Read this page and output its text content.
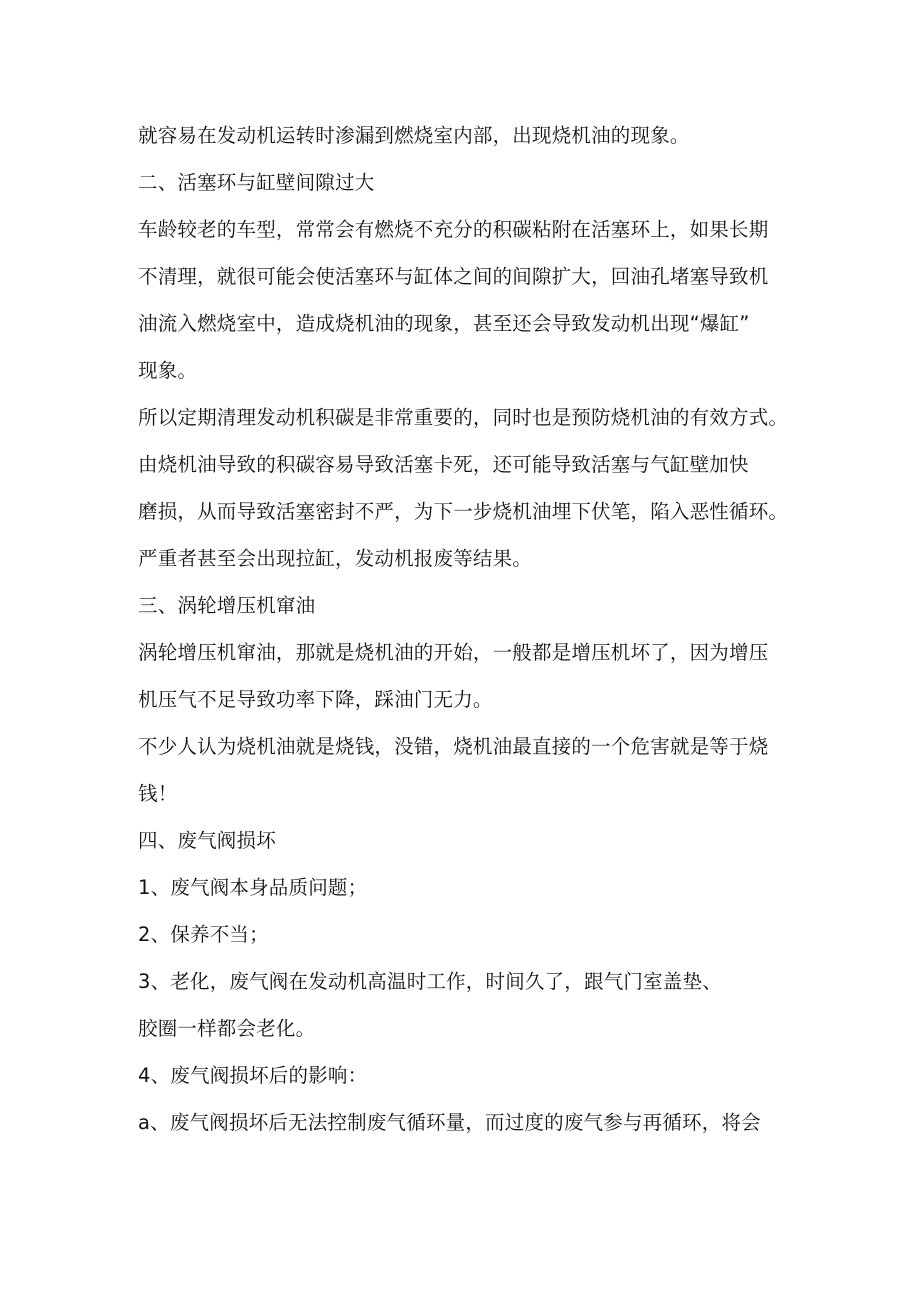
就容易在发动机运转时渗漏到燃烧室内部，出现烧机油的现象。
二、活塞环与缸壁间隙过大
车龄较老的车型，常常会有燃烧不充分的积碳粘附在活塞环上，如果长期
不清理，就很可能会使活塞环与缸体之间的间隙扩大，回油孔堵塞导致机
油流入燃烧室中，造成烧机油的现象，甚至还会导致发动机出现“爆缸”
现象。
所以定期清理发动机积碳是非常重要的，同时也是预防烧机油的有效方式。
由烧机油导致的积碳容易导致活塞卡死，还可能导致活塞与气缸壁加快
磨损，从而导致活塞密封不严，为下一步烧机油埋下伏笔，陷入恶性循环。
严重者甚至会出现拉缸，发动机报废等结果。
三、涡轮增压机窜油
涡轮增压机窜油，那就是烧机油的开始，一般都是增压机坏了，因为增压
机压气不足导致功率下降，踩油门无力。
不少人认为烧机油就是烧钱，没错，烧机油最直接的一个危害就是等于烧
钱！
四、废气阀损坏
1、废气阀本身品质问题；
2、保养不当；
3、老化，废气阀在发动机高温时工作，时间久了，跟气门室盖垫、
胶圈一样都会老化。
4、废气阀损坏后的影响：
a、废气阀损坏后无法控制废气循环量，而过度的废气参与再循环，将会
